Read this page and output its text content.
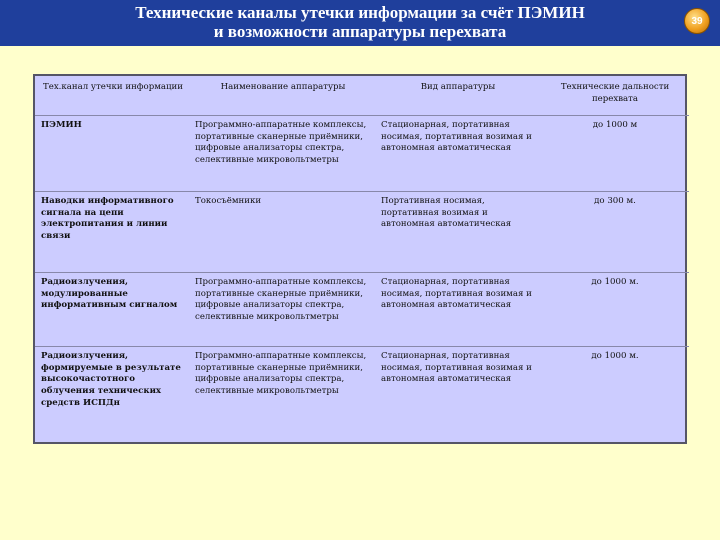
Технические каналы утечки информации за счёт ПЭМИН
и возможности аппаратуры перехвата
39
Тех.канал утечки информации	Наименование аппаратуры	Вид аппаратуры	Технические дальности перехвата
ПЭМИН	Программно-аппаратные комплексы, портативные сканерные приёмники, цифровые анализаторы спектра, селективные микровольтметры	Стационарная, портативная носимая, портативная возимая и автономная автоматическая	до 1000 м
Наводки информативного сигнала на цепи электропитания и линии связи	Токосъёмники	Портативная носимая, портативная возимая и автономная автоматическая	до 300 м.
Радиоизлучения, модулированные информативным сигналом	Программно-аппаратные комплексы, портативные сканерные приёмники, цифровые анализаторы спектра, селективные микровольтметры	Стационарная, портативная носимая, портативная возимая и автономная автоматическая	до 1000 м.
Радиоизлучения, формируемые в результате высокочастотного облучения технических средств ИСПДн	Программно-аппаратные комплексы, портативные сканерные приёмники, цифровые анализаторы спектра, селективные микровольтметры	Стационарная, портативная носимая, портативная возимая и автономная автоматическая	до 1000 м.
